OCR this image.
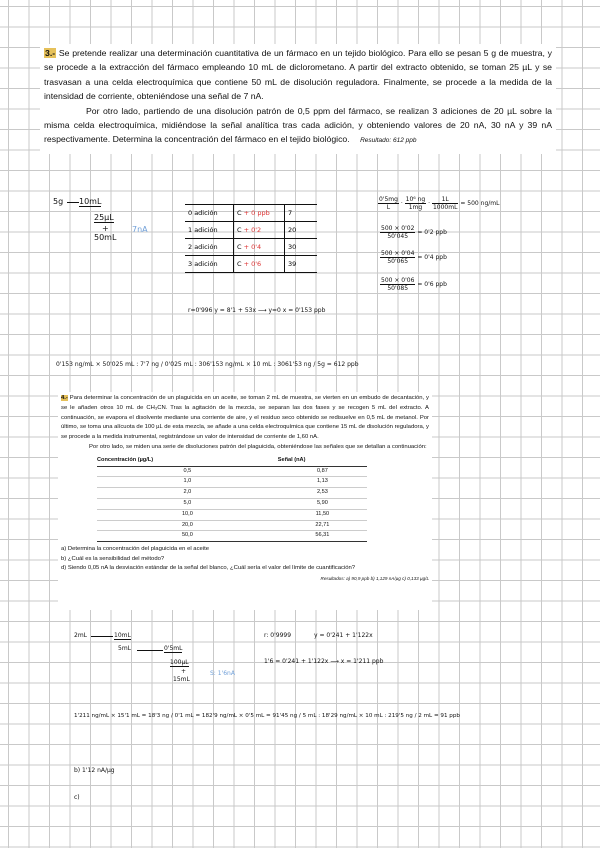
3.- Se pretende realizar una determinación cuantitativa de un fármaco en un tejido biológico. Para ello se pesan 5 g de muestra, y se procede a la extracción del fármaco empleando 10 mL de diclorometano. A partir del extracto obtenido, se toman 25 µL y se trasvasan a una celda electroquímica que contiene 50 mL de disolución reguladora. Finalmente, se procede a la medida de la intensidad de corriente, obteniéndose una señal de 7 nA.
Por otro lado, partiendo de una disolución patrón de 0,5 ppm del fármaco, se realizan 3 adiciones de 20 µL sobre la misma celda electroquímica, midiéndose la señal analítica tras cada adición, y obteniendo valores de 20 nA, 30 nA y 39 nA respectivamente. Determina la concentración del fármaco en el tejido biológico. Resultado: 612 ppb
5g 10mL
25µL
+
50mL
7nA
0 adición	C + 0 ppb	7
1 adición	C + 0'2	20
2 adición	C + 0'4	30
3 adición	C + 0'6	39
$\frac{0'5mg}{L} \cdot \frac{\text{10⁶ ng}}{1mg} \cdot \frac{1L}{1000mL} = 500$ ng/mL
$\frac{500 \times 0'02}{50'045} = 0'2$ ppb
$\frac{500 \times 0'04}{50'065} = 0'4$ ppb
$\frac{500 \times 0'06}{50'085} = 0'6$ ppb
r=0'996 y = 8'1 + 53x ⟶ y=0 x = 0'153 ppb
0'153 ng/mL × 50'025 mL : 7'7 ng / 0'025 mL : 306'153 ng/mL × 10 mL : 3061'53 ng / 5g = 612 ppb
4.- Para determinar la concentración de un plaguicida en un aceite, se toman 2 mL de muestra, se vierten en un embudo de decantación, y se le añaden otros 10 mL de CH₃CN. Tras la agitación de la mezcla, se separan las dos fases y se recogen 5 mL del extracto. A continuación, se evapora el disolvente mediante una corriente de aire, y el residuo seco obtenido se redisuelve en 0,5 mL de metanol. Por último, se toma una alícuota de 100 µL de esta mezcla, se añade a una celda electroquímica que contiene 15 mL de disolución reguladora, y se procede a la medida instrumental, registrándose un valor de intensidad de corriente de 1,60 nA.
Por otro lado, se miden una serie de disoluciones patrón del plaguicida, obteniéndose las señales que se detallan a continuación:
Concentración (µg/L)	Señal (nA)
0,5	0,87
1,0	1,13
2,0	2,53
5,0	5,90
10,0	11,50
20,0	22,71
50,0	56,31
a) Determina la concentración del plaguicida en el aceite
b) ¿Cuál es la sensibilidad del método?
d) Siendo 0,05 nA la desviación estándar de la señal del blanco, ¿Cuál sería el valor del límite de cuantificación?
Resultados: a) 90,9 ppb b) 1,129 nA/µg c) 0,133 µg/L
2mL	10mL
5mL	0'5mL
100µL
+
15mL
S: 1'6nA
r: 0'9999	y = 0'241 + 1'122x
1'6 = 0'241 + 1'122x ⟶ x = 1'211 ppb
1'211 ng/mL × 15'1 mL = 18'3 ng / 0'1 mL = 182'9 ng/mL × 0'5 mL = 91'45 ng / 5 mL : 18'29 ng/mL × 10 mL : 219'5 ng / 2 mL = 91 ppb
b) 1'12 nA/µg
c)
